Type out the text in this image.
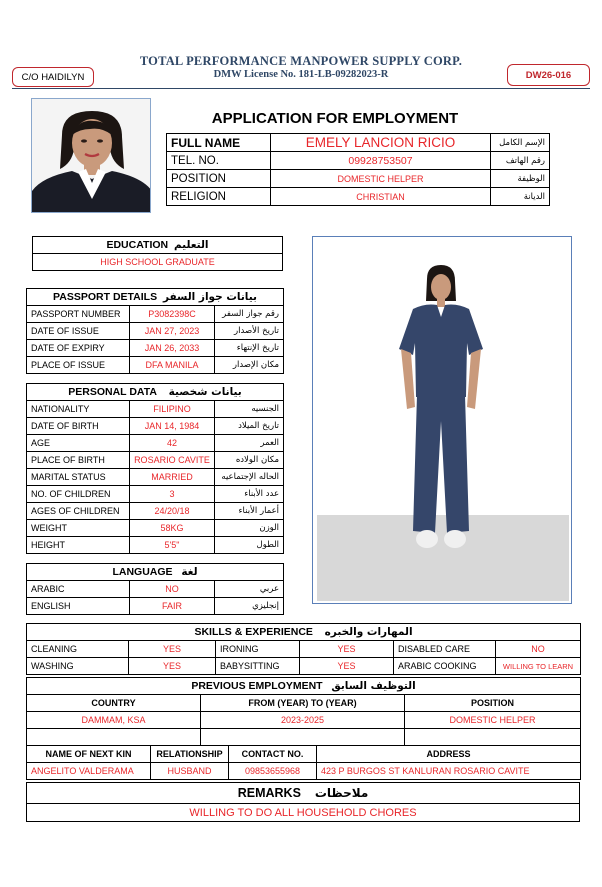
TOTAL PERFORMANCE MANPOWER SUPPLY CORP.
DMW License No. 181-LB-09282023-R
C/O HAIDILYN	DW26-016
APPLICATION FOR EMPLOYMENT
FULL NAME	EMELY LANCION RICIO	الإسم الكامل
TEL. NO.	09928753507	رقم الهاتف
POSITION	DOMESTIC HELPER	الوظيفة
RELIGION	CHRISTIAN	الديانة
EDUCATION التعليم
HIGH SCHOOL GRADUATE
PASSPORT DETAILS بيانات جواز السفر		
PASSPORT NUMBER	P3082398C	رقم جواز السفر
DATE OF ISSUE	JAN 27, 2023	تاريخ الأصدار
DATE OF EXPIRY	JAN 26, 2033	تاريخ الإنتهاء
PLACE OF ISSUE	DFA MANILA	مكان الإصدار
PERSONAL DATA بيانات شخصية		
NATIONALITY	FILIPINO	الجنسيه
DATE OF BIRTH	JAN 14, 1984	تاريخ الميلاد
AGE	42	العمر
PLACE OF BIRTH	ROSARIO CAVITE	مكان الولاده
MARITAL STATUS	MARRIED	الحاله الإجتماعيه
NO. OF CHILDREN	3	عدد الأبناء
AGES OF CHILDREN	24/20/18	أعمار الأبناء
WEIGHT	58KG	الوزن
HEIGHT	5'5"	الطول
LANGUAGE لغة		
ARABIC	NO	عربي
ENGLISH	FAIR	إنجليزي
SKILLS & EXPERIENCE المهارات والخبره					
CLEANING	YES	IRONING	YES	DISABLED CARE	NO
WASHING	YES	BABYSITTING	YES	ARABIC COOKING	WILLING TO LEARN
PREVIOUS EMPLOYMENT التوظيف السابق		
COUNTRY	FROM (YEAR) TO (YEAR)	POSITION
DAMMAM, KSA	2023-2025	DOMESTIC HELPER

NAME OF NEXT KIN	RELATIONSHIP	CONTACT NO.	ADDRESS
ANGELITO VALDERAMA	HUSBAND	09853655968	423 P BURGOS ST KANLURAN ROSARIO CAVITE
REMARKS ملاحظات
WILLING TO DO ALL HOUSEHOLD CHORES
